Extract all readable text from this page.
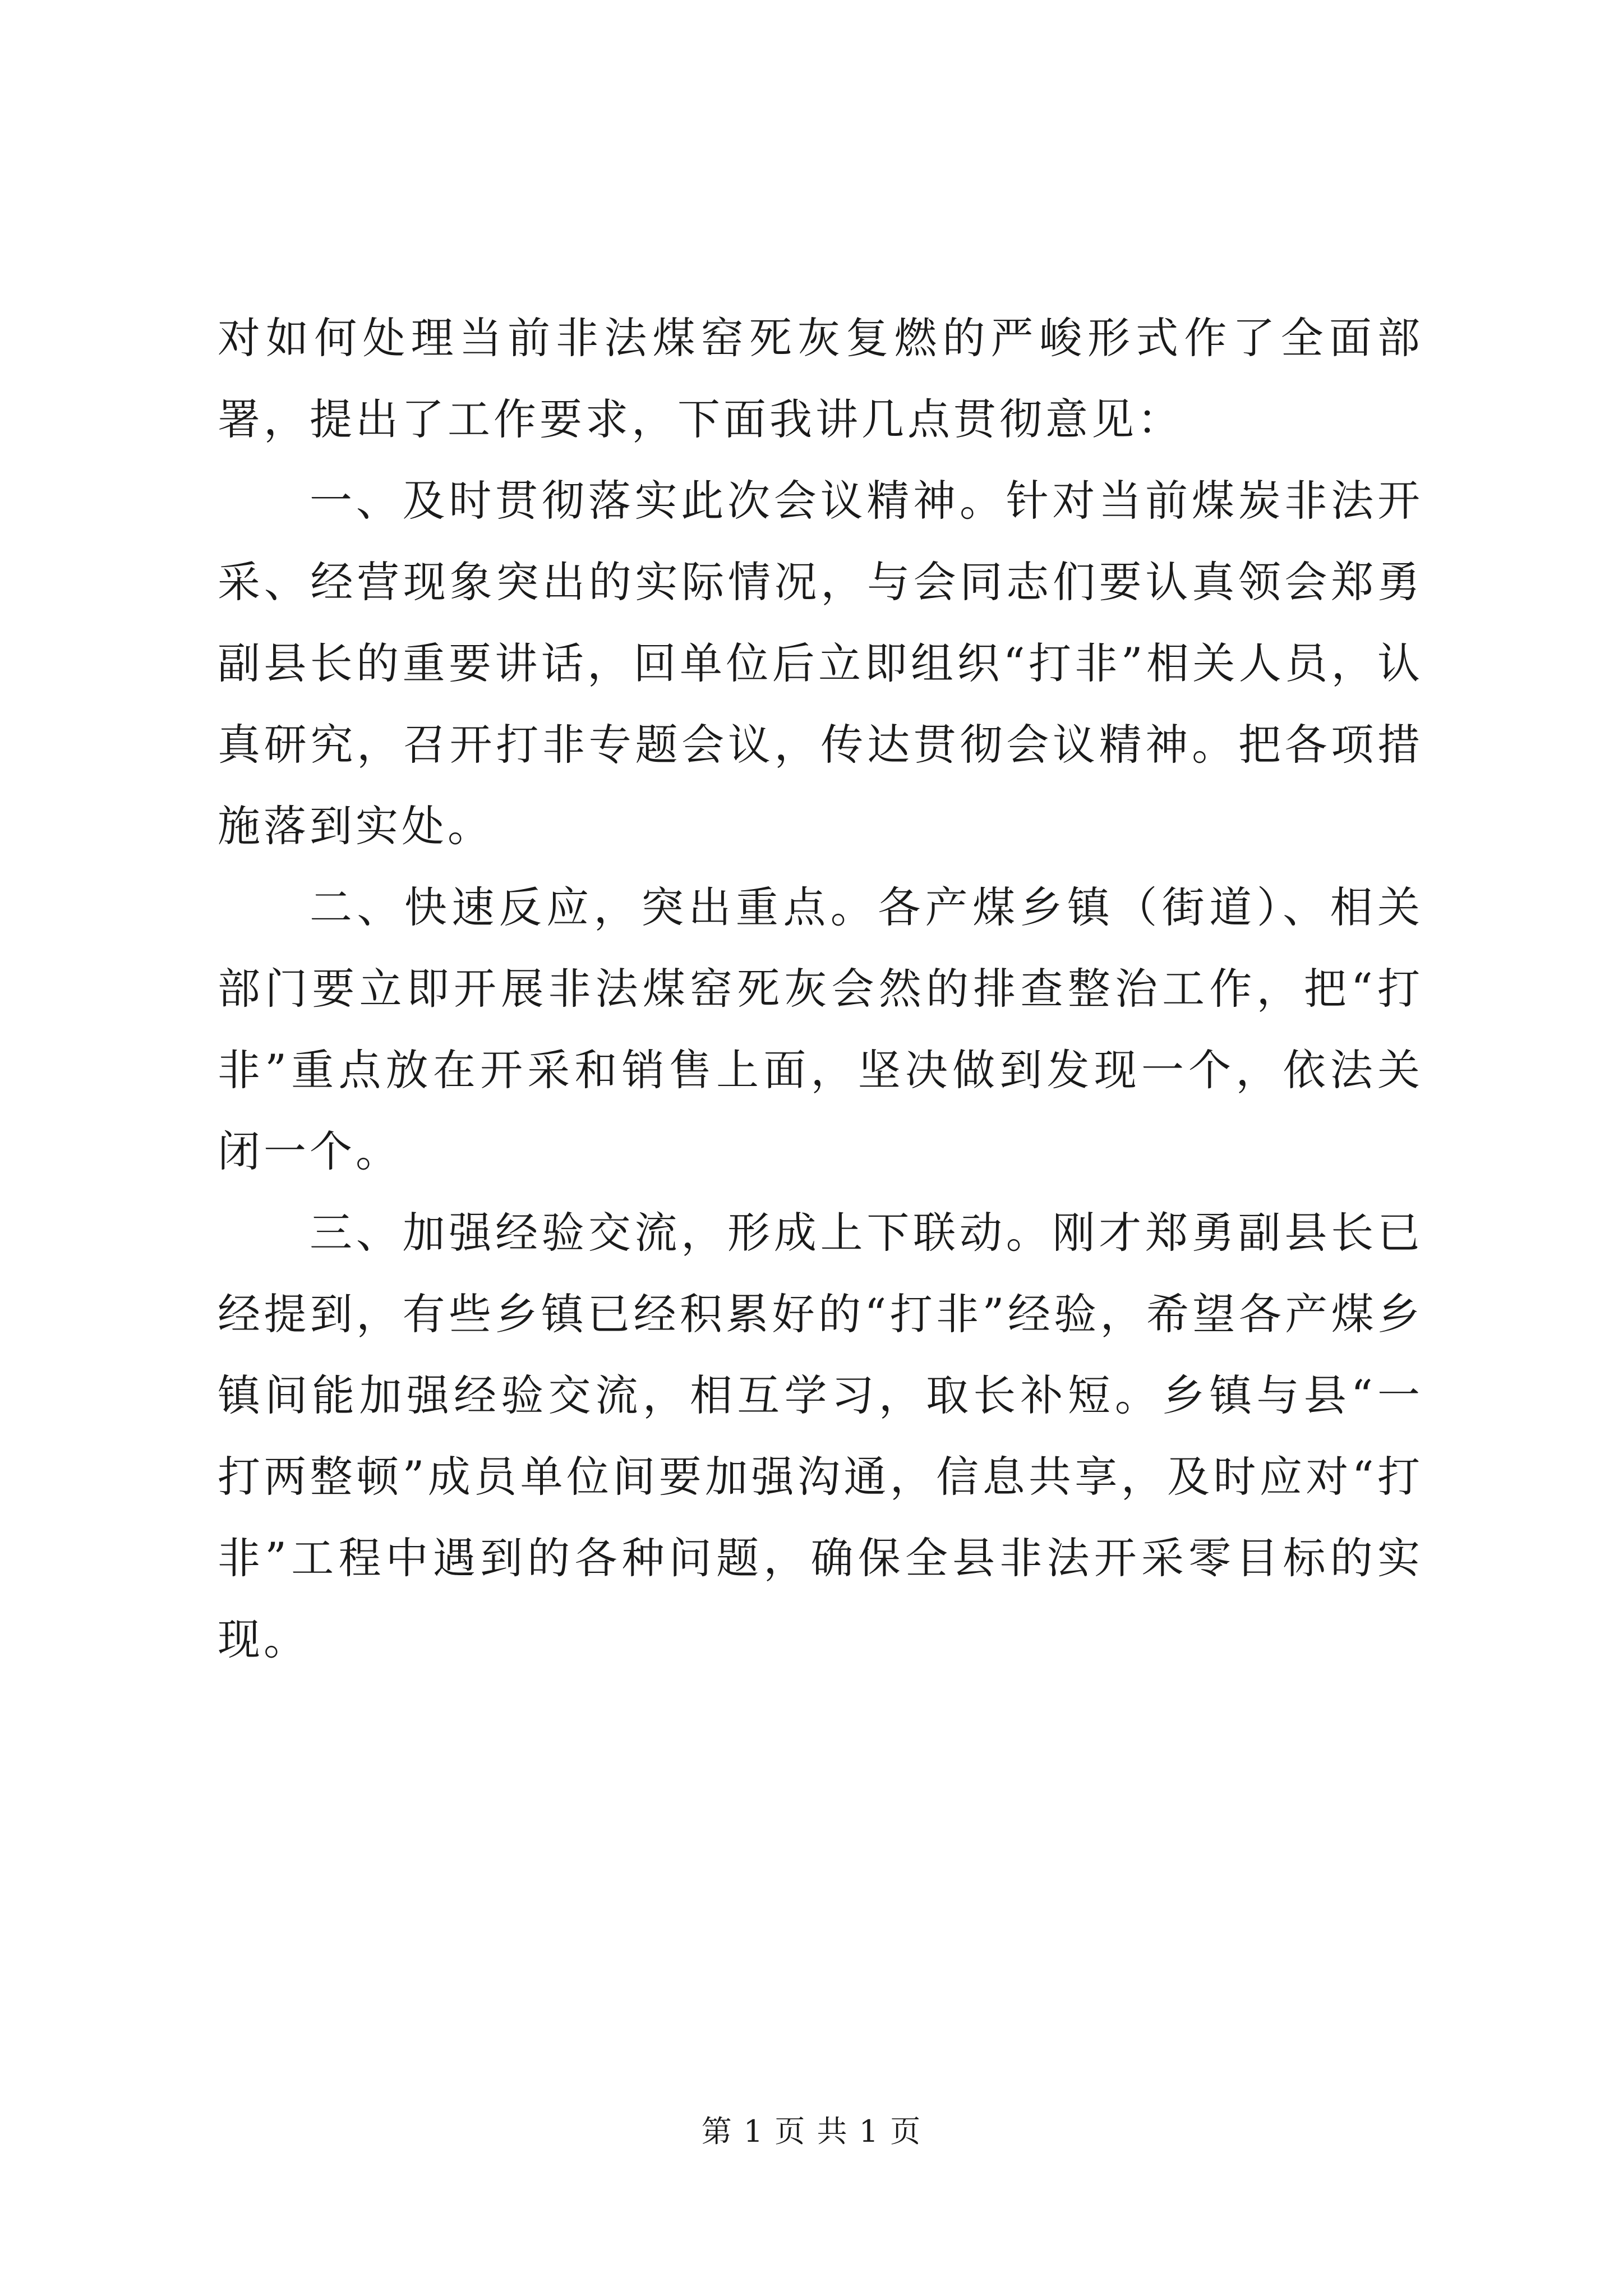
对如何处理当前非法煤窑死灰复燃的严峻形式作了全面部署，提出了工作要求，下面我讲几点贯彻意见：

一、及时贯彻落实此次会议精神。针对当前煤炭非法开采、经营现象突出的实际情况，与会同志们要认真领会郑勇副县长的重要讲话，回单位后立即组织“打非”相关人员，认真研究，召开打非专题会议，传达贯彻会议精神。把各项措施落到实处。

二、快速反应，突出重点。各产煤乡镇（街道）、相关部门要立即开展非法煤窑死灰会然的排查整治工作，把“打非”重点放在开采和销售上面，坚决做到发现一个，依法关闭一个。

三、加强经验交流，形成上下联动。刚才郑勇副县长已经提到，有些乡镇已经积累好的“打非”经验，希望各产煤乡镇间能加强经验交流，相互学习，取长补短。乡镇与县“一打两整顿”成员单位间要加强沟通，信息共享，及时应对“打非”工程中遇到的各种问题，确保全县非法开采零目标的实现。

第 1 页 共 1 页
